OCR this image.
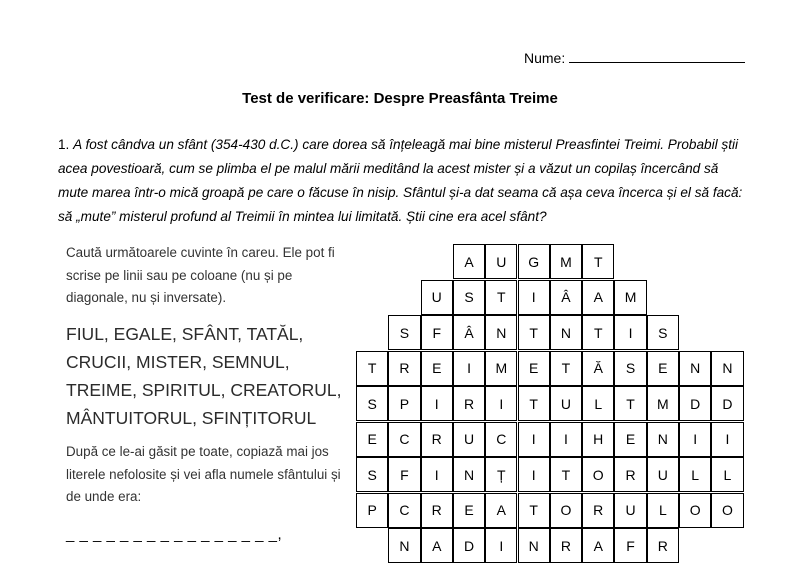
Nume:
Test de verificare: Despre Preasfânta Treime
1. A fost cândva un sfânt (354-430 d.C.) care dorea să înțeleagă mai bine misterul Preasfintei Treimi. Probabil știi acea povestioară, cum se plimba el pe malul mării meditând la acest mister și a văzut un copilaș încercând să mute marea într-o mică groapă pe care o făcuse în nisip. Sfântul și-a dat seama că așa ceva încerca și el să facă: să „mute” misterul profund al Treimii în mintea lui limitată. Știi cine era acel sfânt?
Caută următoarele cuvinte în careu. Ele pot fi scrise pe linii sau pe coloane (nu și pe diagonale, nu și inversate).
FIUL, EGALE, SFÂNT, TATĂL, CRUCII, MISTER, SEMNUL, TREIME, SPIRITUL, CREATORUL, MÂNTUITORUL, SFINȚITORUL
După ce le-ai găsit pe toate, copiază mai jos literele nefolosite și vei afla numele sfântului și de unde era:
_ _ _ _ _ _ _ _ _ _ _ _ _ _ _ _,
A	U	G	M	T
U	S	T	I	Â	A	M
S	F	Â	N	T	N	T	I	S
T	R	E	I	M	E	T	Ă	S	E	N	N
S	P	I	R	I	T	U	L	T	M	D	D
E	C	R	U	C	I	I	H	E	N	I	I
S	F	I	N	Ț	I	T	O	R	U	L	L
P	C	R	E	A	T	O	R	U	L	O	O
N	A	D	I	N	R	A	F	R
